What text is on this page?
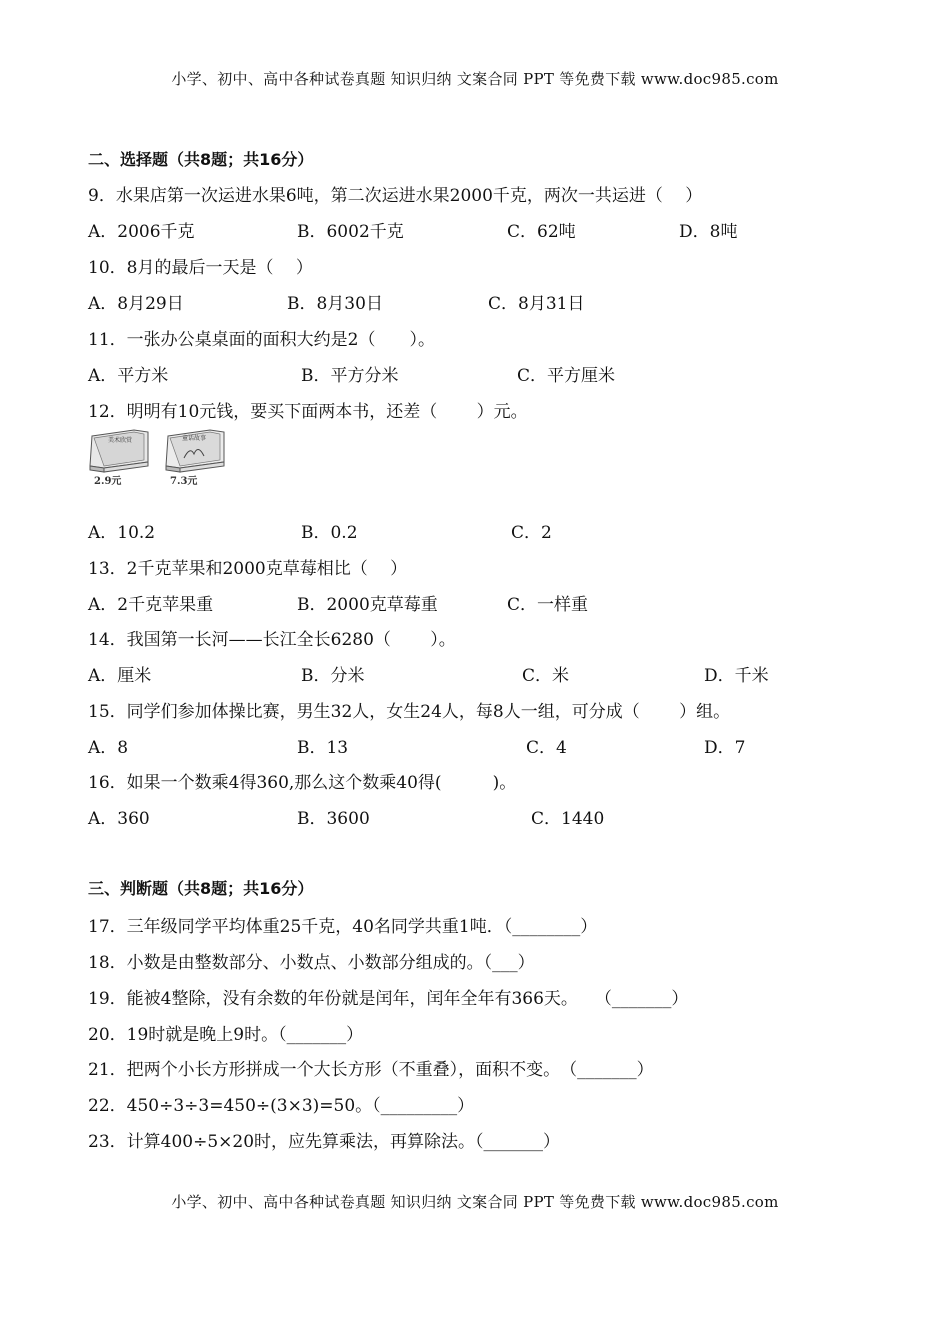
小学、初中、高中各种试卷真题 知识归纳 文案合同 PPT 等免费下载 www.doc985.com
二、选择题（共8题；共16分）
9．水果店第一次运进水果6吨，第二次运进水果2000千克，两次一共运进（　 ）
A．2006千克	B．6002千克	C．62吨	D．8吨
10．8月的最后一天是（　 ）
A．8月29日	B．8月30日	C．8月31日
11．一张办公桌桌面的面积大约是2（　　）。
A．平方米	B．平方分米	C．平方厘米
12．明明有10元钱，要买下面两本书，还差（　　 ）元。
美术欣赏	童话故事
2.9元	7.3元
A．10.2	B．0.2	C．2
13．2千克苹果和2000克草莓相比（　 ）
A．2千克苹果重	B．2000克草莓重	C．一样重
14．我国第一长河——长江全长6280（　　 ）。
A．厘米	B．分米	C．米	D．千米
15．同学们参加体操比赛，男生32人，女生24人，每8人一组，可分成（　　 ）组。
A．8	B．13	C．4	D．7
16．如果一个数乘4得360,那么这个数乘40得(　　　)。
A．360	B．3600	C．1440
三、判断题（共8题；共16分）
17．三年级同学平均体重25千克，40名同学共重1吨．（________）
18．小数是由整数部分、小数点、小数部分组成的。（___）
19．能被4整除，没有余数的年份就是闰年，闰年全年有366天。　　（_______）
20．19时就是晚上9时。（_______）
21．把两个小长方形拼成一个大长方形（不重叠），面积不变。　（_______）
22．450÷3÷3=450÷(3×3)=50。（_________）
23．计算400÷5×20时，应先算乘法，再算除法。（_______）
小学、初中、高中各种试卷真题 知识归纳 文案合同 PPT 等免费下载 www.doc985.com
